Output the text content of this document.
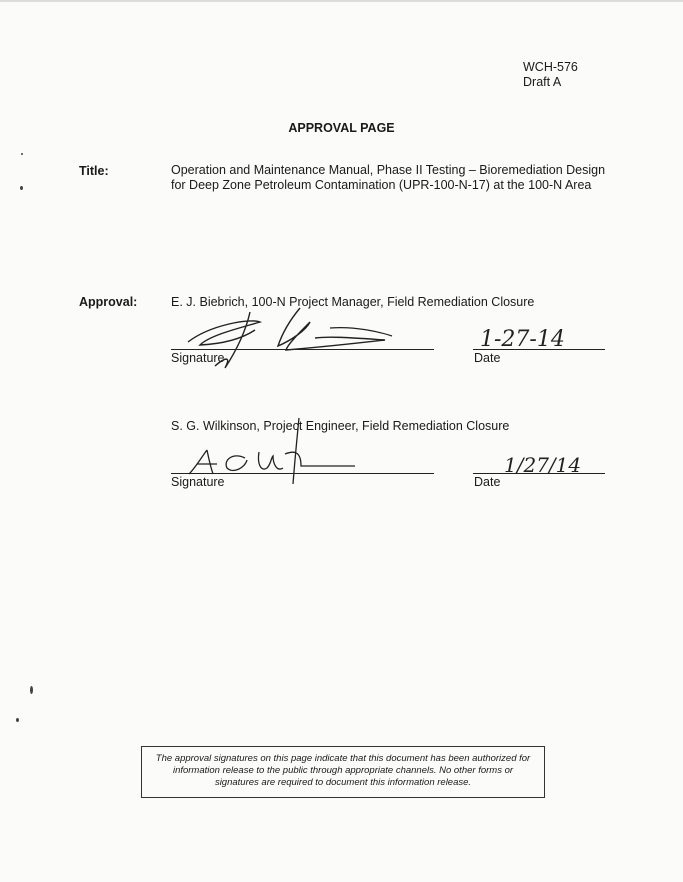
WCH-576
Draft A
APPROVAL PAGE
Title:	Operation and Maintenance Manual, Phase II Testing – Bioremediation Design for Deep Zone Petroleum Contamination (UPR-100-N-17) at the 100-N Area
Approval:	E. J. Biebrich, 100-N Project Manager, Field Remediation Closure
Signature	Date
1-27-14
S. G. Wilkinson, Project Engineer, Field Remediation Closure
Signature	Date
1/27/14
The approval signatures on this page indicate that this document has been authorized for information release to the public through appropriate channels. No other forms or signatures are required to document this information release.
